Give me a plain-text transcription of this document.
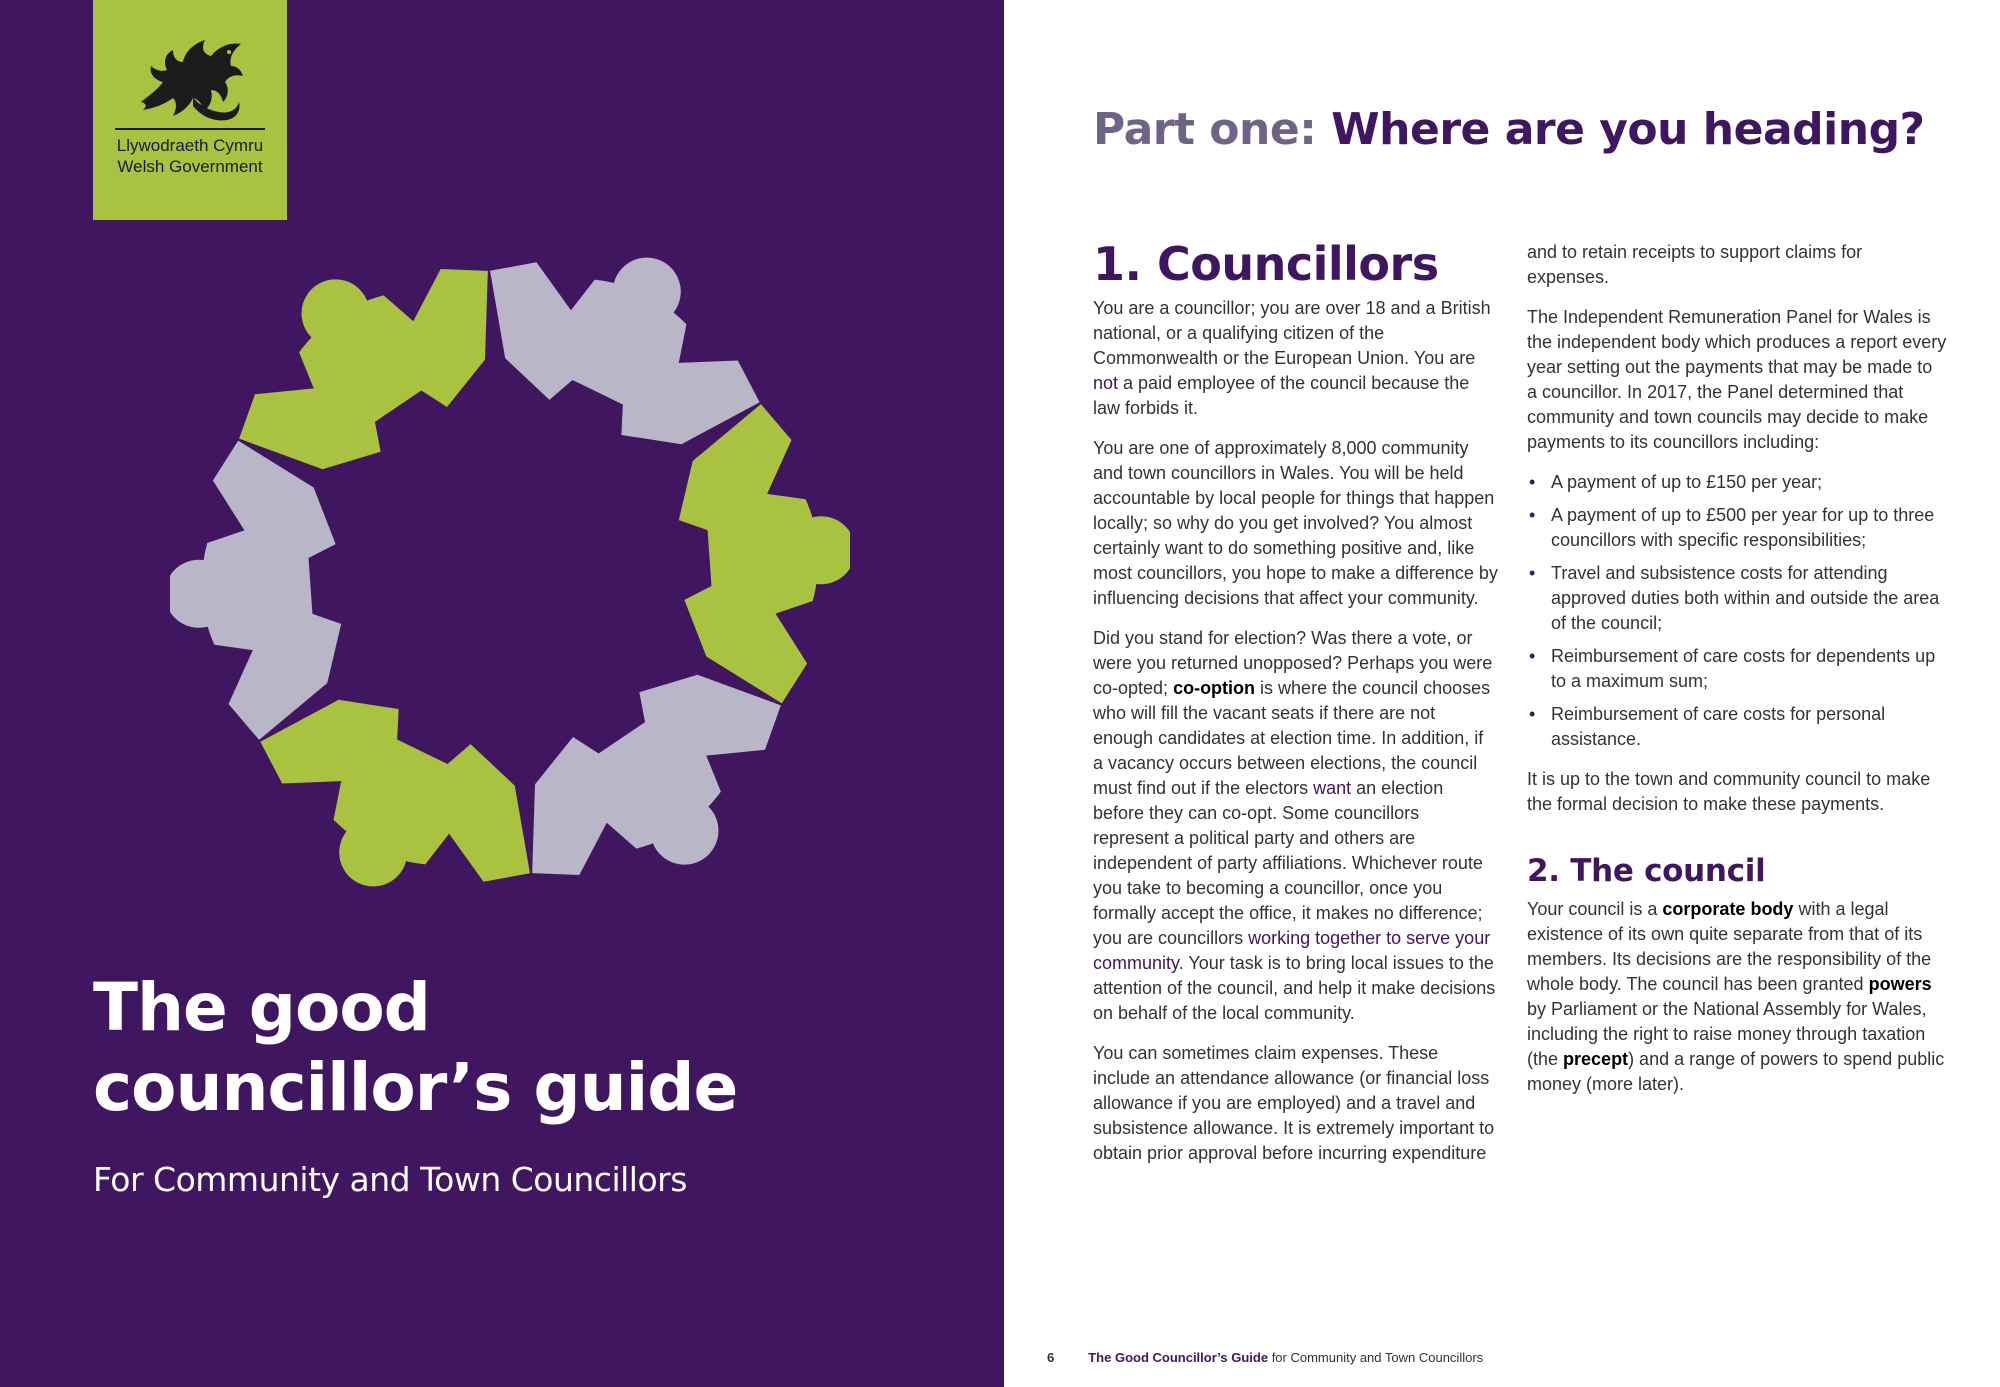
Llywodraeth Cymru
Welsh Government
The good
councillor’s guide

For Community and Town Councillors

Part one: Where are you heading?
1. Councillors

You are a councillor; you are over 18 and a British national, or a qualifying citizen of the Commonwealth or the European Union. You are not a paid employee of the council because the law forbids it.

You are one of approximately 8,000 community and town councillors in Wales. You will be held accountable by local people for things that happen locally; so why do you get involved? You almost certainly want to do something positive and, like most councillors, you hope to make a difference by influencing decisions that affect your community.

Did you stand for election? Was there a vote, or were you returned unopposed? Perhaps you were co-opted; co-option is where the council chooses who will fill the vacant seats if there are not enough candidates at election time. In addition, if a vacancy occurs between elections, the council must find out if the electors want an election before they can co-opt. Some councillors represent a political party and others are independent of party affiliations. Whichever route you take to becoming a councillor, once you formally accept the office, it makes no difference; you are councillors working together to serve your community. Your task is to bring local issues to the attention of the council, and help it make decisions on behalf of the local community.

You can sometimes claim expenses. These include an attendance allowance (or financial loss allowance if you are employed) and a travel and subsistence allowance. It is extremely important to obtain prior approval before incurring expenditure

and to retain receipts to support claims for expenses.

The Independent Remuneration Panel for Wales is the independent body which produces a report every year setting out the payments that may be made to a councillor. In 2017, the Panel determined that community and town councils may decide to make payments to its councillors including:

• A payment of up to £150 per year;
• A payment of up to £500 per year for up to three councillors with specific responsibilities;
• Travel and subsistence costs for attending approved duties both within and outside the area of the council;
• Reimbursement of care costs for dependents up to a maximum sum;
• Reimbursement of care costs for personal assistance.

It is up to the town and community council to make the formal decision to make these payments.

2. The council

Your council is a corporate body with a legal existence of its own quite separate from that of its members. Its decisions are the responsibility of the whole body. The council has been granted powers by Parliament or the National Assembly for Wales, including the right to raise money through taxation (the precept) and a range of powers to spend public money (more later).

6	The Good Councillor’s Guide for Community and Town Councillors
